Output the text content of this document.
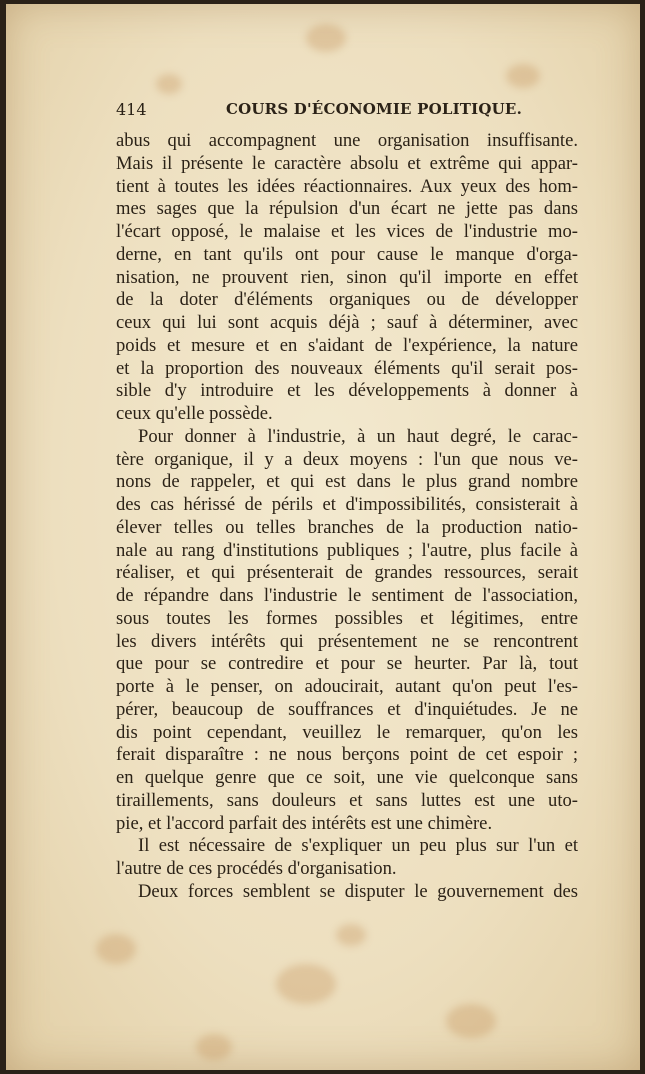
414	COURS D'ÉCONOMIE POLITIQUE.
abus qui accompagnent une organisation insuffisante.
Mais il présente le caractère absolu et extrême qui appar-
tient à toutes les idées réactionnaires. Aux yeux des hom-
mes sages que la répulsion d'un écart ne jette pas dans
l'écart opposé, le malaise et les vices de l'industrie mo-
derne, en tant qu'ils ont pour cause le manque d'orga-
nisation, ne prouvent rien, sinon qu'il importe en effet
de la doter d'éléments organiques ou de développer
ceux qui lui sont acquis déjà ; sauf à déterminer, avec
poids et mesure et en s'aidant de l'expérience, la nature
et la proportion des nouveaux éléments qu'il serait pos-
sible d'y introduire et les développements à donner à
ceux qu'elle possède.
Pour donner à l'industrie, à un haut degré, le carac-
tère organique, il y a deux moyens : l'un que nous ve-
nons de rappeler, et qui est dans le plus grand nombre
des cas hérissé de périls et d'impossibilités, consisterait à
élever telles ou telles branches de la production natio-
nale au rang d'institutions publiques ; l'autre, plus facile à
réaliser, et qui présenterait de grandes ressources, serait
de répandre dans l'industrie le sentiment de l'association,
sous toutes les formes possibles et légitimes, entre
les divers intérêts qui présentement ne se rencontrent
que pour se contredire et pour se heurter. Par là, tout
porte à le penser, on adoucirait, autant qu'on peut l'es-
pérer, beaucoup de souffrances et d'inquiétudes. Je ne
dis point cependant, veuillez le remarquer, qu'on les
ferait disparaître : ne nous berçons point de cet espoir ;
en quelque genre que ce soit, une vie quelconque sans
tiraillements, sans douleurs et sans luttes est une uto-
pie, et l'accord parfait des intérêts est une chimère.
Il est nécessaire de s'expliquer un peu plus sur l'un et
l'autre de ces procédés d'organisation.
Deux forces semblent se disputer le gouvernement des
